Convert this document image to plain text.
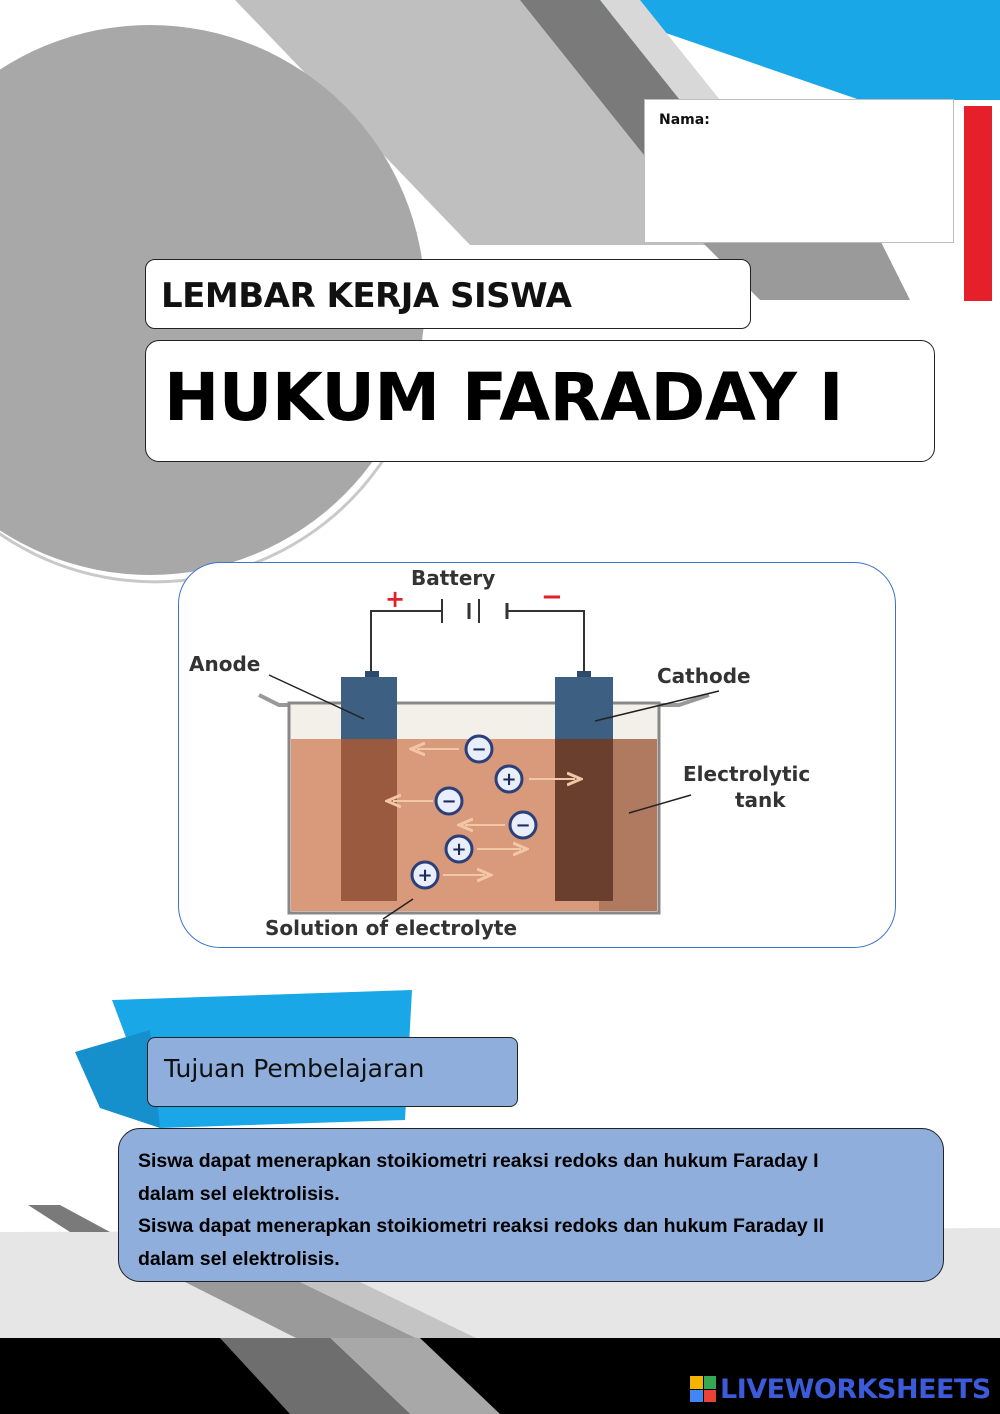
Nama:
LEMBAR KERJA SISWA
HUKUM FARADAY I
Battery
+	−
Anode	Cathode
Electrolytic
tank
Solution of electrolyte
−
+
−
−
+
+
Tujuan Pembelajaran
Siswa dapat menerapkan stoikiometri reaksi redoks dan hukum Faraday I dalam sel elektrolisis.
Siswa dapat menerapkan stoikiometri reaksi redoks dan hukum Faraday II dalam sel elektrolisis.
LIVEWORKSHEETS
